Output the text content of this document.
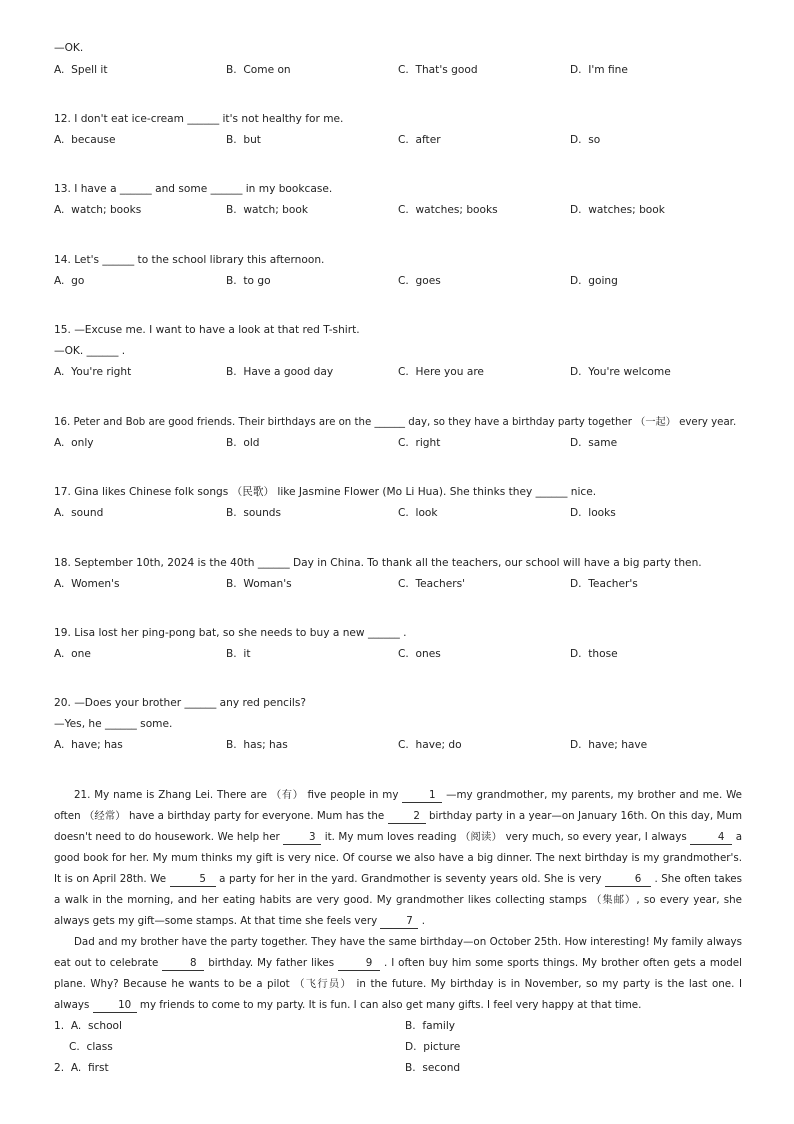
—OK.
A.  Spell it	B.  Come on	C.  That's good	D.  I'm fine
12. I don't eat ice-cream ______ it's not healthy for me.
A.  because	B.  but	C.  after	D.  so
13. I have a ______ and some ______ in my bookcase.
A.  watch; books	B.  watch; book	C.  watches; books	D.  watches; book
14. Let's ______ to the school library this afternoon.
A.  go	B.  to go	C.  goes	D.  going
15. —Excuse me. I want to have a look at that red T-shirt.
—OK. ______ .
A.  You're right	B.  Have a good day	C.  Here you are	D.  You're welcome
16. Peter and Bob are good friends. Their birthdays are on the ______ day, so they have a birthday party together （一起） every year.
A.  only	B.  old	C.  right	D.  same
17. Gina likes Chinese folk songs （民歌） like Jasmine Flower (Mo Li Hua). She thinks they ______ nice.
A.  sound	B.  sounds	C.  look	D.  looks
18. September 10th, 2024 is the 40th ______ Day in China. To thank all the teachers, our school will have a big party then.
A.  Women's	B.  Woman's	C.  Teachers'	D.  Teacher's
19. Lisa lost her ping-pong bat, so she needs to buy a new ______ .
A.  one	B.  it	C.  ones	D.  those
20. —Does your brother ______ any red pencils?
—Yes, he ______ some.
A.  have; has	B.  has; has	C.  have; do	D.  have; have

21. My name is Zhang Lei. There are （有） five people in my	1 —my grandmother, my parents, my brother and me. We often （经常） have a birthday party for everyone. Mum has the 2 birthday party in a year—on January 16th. On this day, Mum doesn't need to do housework. We help her 3 it. My mum loves reading （阅读） very much, so every year, I always	4 a good book for her. My mum thinks my gift is very nice. Of course we also have a big dinner. The next birthday is my grandmother's. It is on April 28th. We	5 a party for her in the yard. Grandmother is seventy years old. She is very	6 . She often takes a walk in the morning, and her eating habits are very good. My grandmother likes collecting stamps （集邮）, so every year, she always gets my gift—some stamps. At that time she feels very 7 .

Dad and my brother have the party together. They have the same birthday—on October 25th. How interesting! My family always eat out to celebrate	8 birthday. My father likes	9 . I often buy him some sports things. My brother often gets a model plane. Why? Because he wants to be a pilot （飞行员） in the future. My birthday is in November, so my party is the last one. I always 10 my friends to come to my party. It is fun. I can also get many gifts. I feel very happy at that time.

1.  A.  school	B.  family
C.  class	D.  picture
2.  A.  first	B.  second
